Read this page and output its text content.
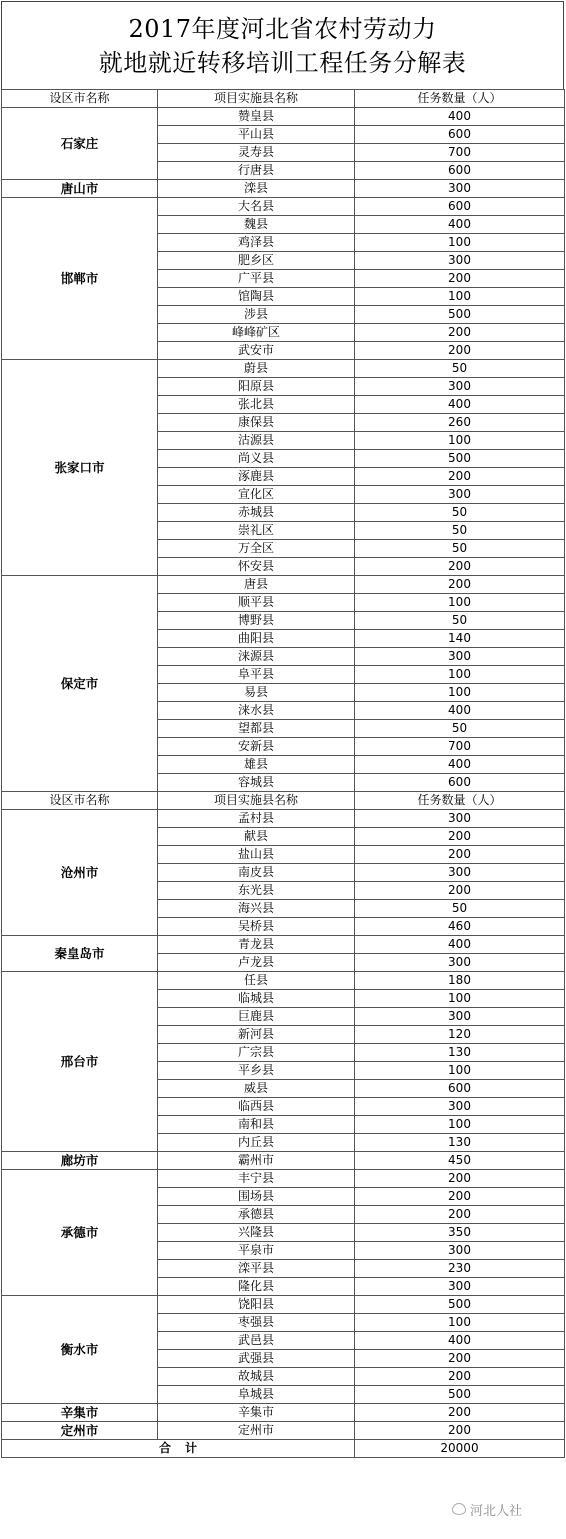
2017年度河北省农村劳动力
就地就近转移培训工程任务分解表
设区市名称	项目实施县名称	任务数量（人）
石家庄	赞皇县	400
	平山县	600
	灵寿县	700
	行唐县	600
唐山市	滦县	300
邯郸市	大名县	600
	魏县	400
	鸡泽县	100
	肥乡区	300
	广平县	200
	馆陶县	100
	涉县	500
	峰峰矿区	200
	武安市	200
张家口市	蔚县	50
	阳原县	300
	张北县	400
	康保县	260
	沽源县	100
	尚义县	500
	涿鹿县	200
	宣化区	300
	赤城县	50
	崇礼区	50
	万全区	50
	怀安县	200
保定市	唐县	200
	顺平县	100
	博野县	50
	曲阳县	140
	涞源县	300
	阜平县	100
	易县	100
	涞水县	400
	望都县	50
	安新县	700
	雄县	400
	容城县	600
设区市名称	项目实施县名称	任务数量（人）
沧州市	孟村县	300
	献县	200
	盐山县	200
	南皮县	300
	东光县	200
	海兴县	50
	吴桥县	460
秦皇岛市	青龙县	400
	卢龙县	300
邢台市	任县	180
	临城县	100
	巨鹿县	300
	新河县	120
	广宗县	130
	平乡县	100
	威县	600
	临西县	300
	南和县	100
	内丘县	130
廊坊市	霸州市	450
承德市	丰宁县	200
	围场县	200
	承德县	200
	兴隆县	350
	平泉市	300
	滦平县	230
	隆化县	300
衡水市	饶阳县	500
	枣强县	100
	武邑县	400
	武强县	200
	故城县	200
	阜城县	500
辛集市	辛集市	200
定州市	定州市	200
合计		20000
河北人社
